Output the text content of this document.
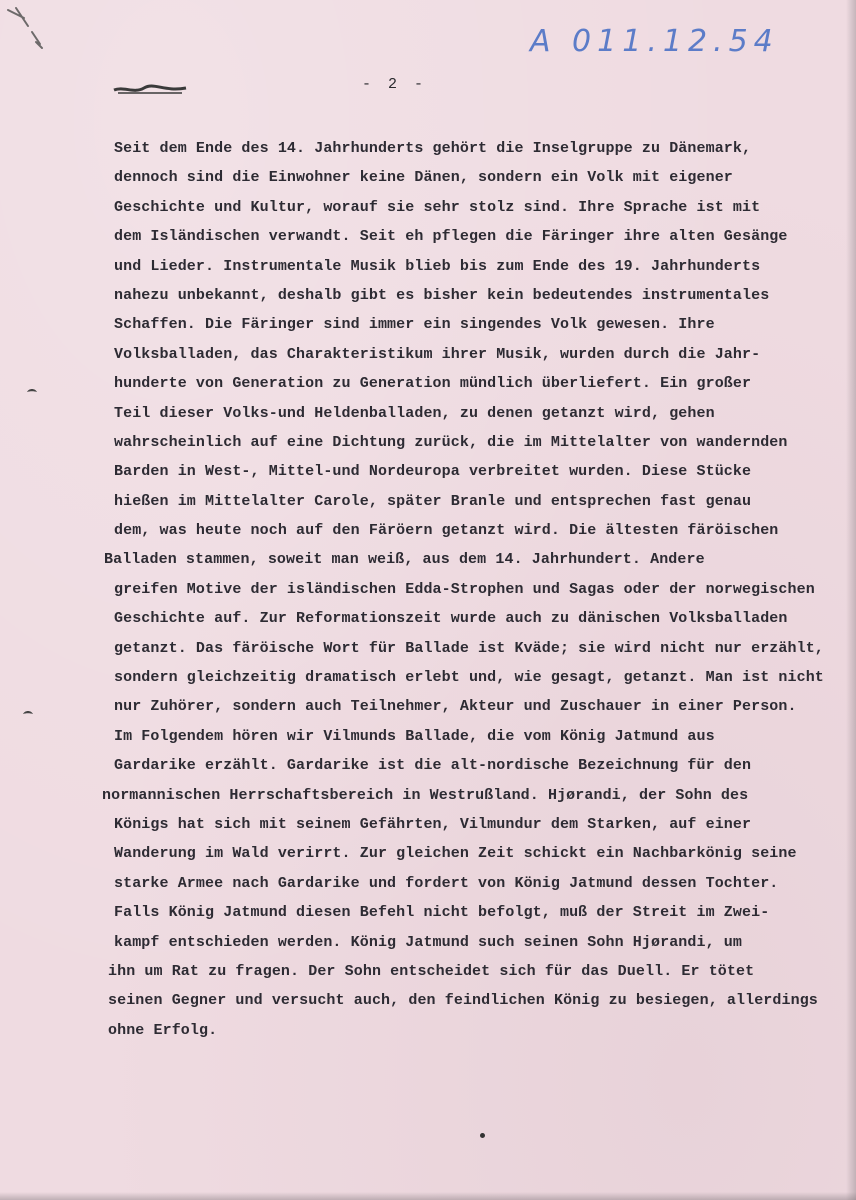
A 011.12.54
- 2 -
Seit dem Ende des 14. Jahrhunderts gehört die Inselgruppe zu Dänemark,
dennoch sind die Einwohner keine Dänen, sondern ein Volk mit eigener
Geschichte und Kultur, worauf sie sehr stolz sind. Ihre Sprache ist mit
dem Isländischen verwandt. Seit eh pflegen die Färinger ihre alten Gesänge
und Lieder. Instrumentale Musik blieb bis zum Ende des 19. Jahrhunderts
nahezu unbekannt, deshalb gibt es bisher kein bedeutendes instrumentales
Schaffen. Die Färinger sind immer ein singendes Volk gewesen. Ihre
Volksballaden, das Charakteristikum ihrer Musik, wurden durch die Jahr-
hunderte von Generation zu Generation mündlich überliefert. Ein großer
Teil dieser Volks-und Heldenballaden, zu denen getanzt wird, gehen
wahrscheinlich auf eine Dichtung zurück, die im Mittelalter von wandernden
Barden in West-, Mittel-und Nordeuropa verbreitet wurden. Diese Stücke
hießen im Mittelalter Carole, später Branle und entsprechen fast genau
dem, was heute noch auf den Färöern getanzt wird. Die ältesten färöischen
Balladen stammen, soweit man weiß, aus dem 14. Jahrhundert. Andere
greifen Motive der isländischen Edda-Strophen und Sagas oder der norwegischen
Geschichte auf. Zur Reformationszeit wurde auch zu dänischen Volksballaden
getanzt. Das färöische Wort für Ballade ist Kväde; sie wird nicht nur erzählt,
sondern gleichzeitig dramatisch erlebt und, wie gesagt, getanzt. Man ist nicht
nur Zuhörer, sondern auch Teilnehmer, Akteur und Zuschauer in einer Person.
Im Folgendem hören wir Vilmunds Ballade, die vom König Jatmund aus
Gardarike erzählt. Gardarike ist die alt-nordische Bezeichnung für den
normannischen Herrschaftsbereich in Westrußland. Hjørandi, der Sohn des
Königs hat sich mit seinem Gefährten, Vilmundur dem Starken, auf einer
Wanderung im Wald verirrt. Zur gleichen Zeit schickt ein Nachbarkönig seine
starke Armee nach Gardarike und fordert von König Jatmund dessen Tochter.
Falls König Jatmund diesen Befehl nicht befolgt, muß der Streit im Zwei-
kampf entschieden werden. König Jatmund such seinen Sohn Hjørandi, um
ihn um Rat zu fragen. Der Sohn entscheidet sich für das Duell. Er tötet
seinen Gegner und versucht auch, den feindlichen König zu besiegen, allerdings
ohne Erfolg.
